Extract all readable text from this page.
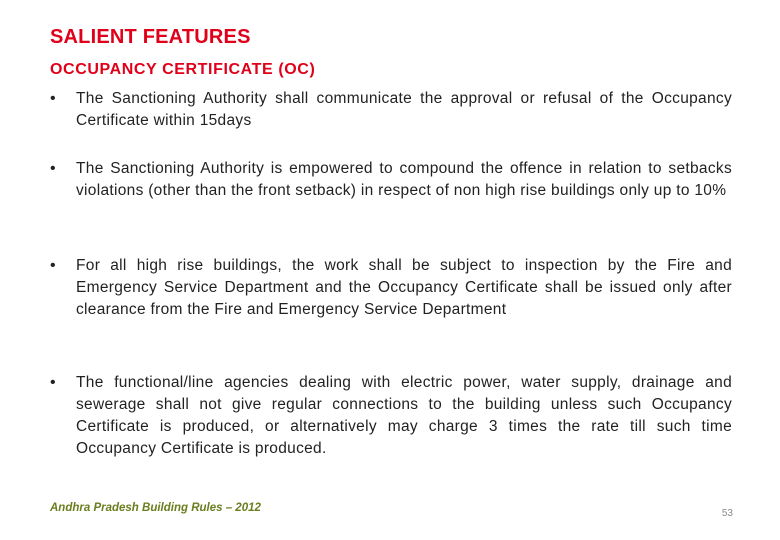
SALIENT FEATURES
OCCUPANCY CERTIFICATE (OC)
• The Sanctioning Authority shall communicate the approval or refusal of the Occupancy Certificate within 15days
• The Sanctioning Authority is empowered to compound the offence in relation to setbacks violations (other than the front setback) in respect of non high rise buildings only up to 10%
• For all high rise buildings, the work shall be subject to inspection by the Fire and Emergency Service Department and the Occupancy Certificate shall be issued only after clearance from the Fire and Emergency Service Department
• The functional/line agencies dealing with electric power, water supply, drainage and sewerage shall not give regular connections to the building unless such Occupancy Certificate is produced, or alternatively may charge 3 times the rate till such time Occupancy Certificate is produced.
Andhra Pradesh Building Rules – 2012	53
